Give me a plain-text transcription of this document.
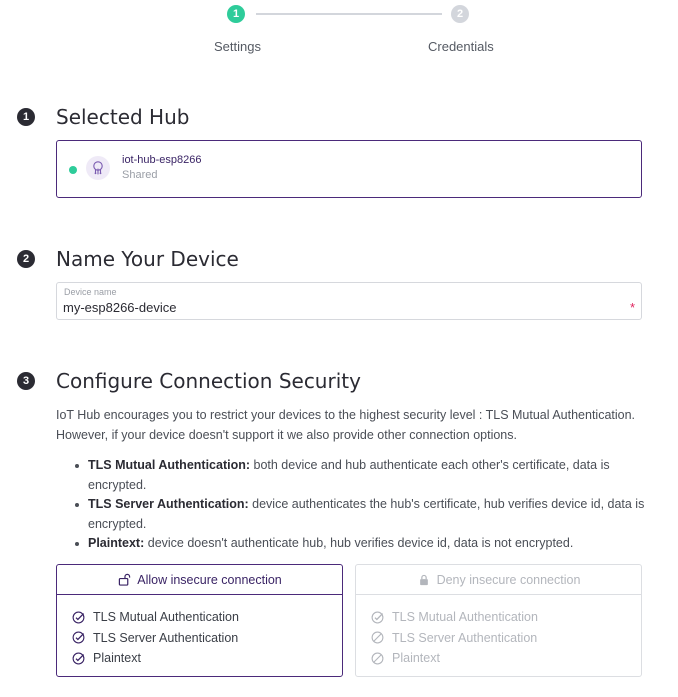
1	2
Settings	Credentials
1 Selected Hub
iot-hub-esp8266
Shared
2 Name Your Device
Device name
my-esp8266-device
*
3 Configure Connection Security
IoT Hub encourages you to restrict your devices to the highest security level : TLS Mutual Authentication. However, if your device doesn't support it we also provide other connection options.
TLS Mutual Authentication: both device and hub authenticate each other's certificate, data is encrypted.
TLS Server Authentication: device authenticates the hub's certificate, hub verifies device id, data is encrypted.
Plaintext: device doesn't authenticate hub, hub verifies device id, data is not encrypted.
Allow insecure connection
TLS Mutual Authentication
TLS Server Authentication
Plaintext
Deny insecure connection
TLS Mutual Authentication
TLS Server Authentication
Plaintext
